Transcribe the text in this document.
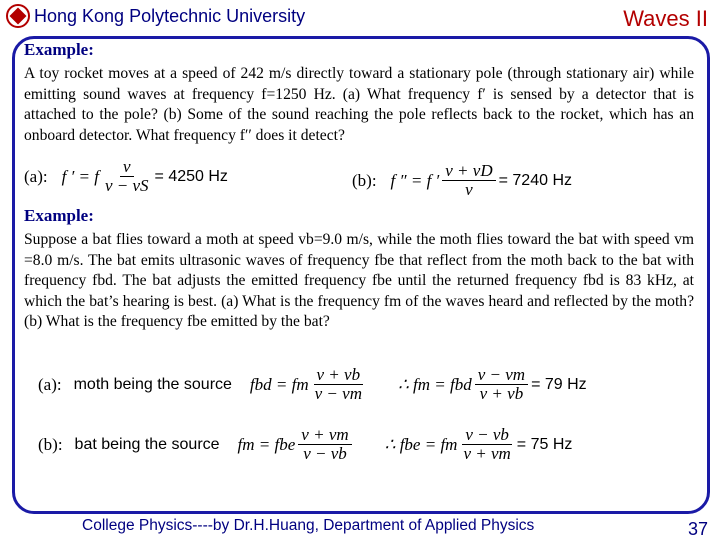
Hong Kong Polytechnic University	Waves II
Example:
A toy rocket moves at a speed of 242 m/s directly toward a stationary pole (through stationary air) while emitting sound waves at frequency f=1250 Hz. (a) What frequency f′ is sensed by a detector that is attached to the pole? (b) Some of the sound reaching the pole reflects back to the rocket, which has an onboard detector. What frequency f′′ does it detect?
(a): f ′ = f $\frac{v}{v - vS} = 4250$ Hz	(b): f ″ = f ′ $\frac{v + vD}{v} = 7240$ Hz
Example:
Suppose a bat flies toward a moth at speed vb=9.0 m/s, while the moth flies toward the bat with speed vm =8.0 m/s. The bat emits ultrasonic waves of frequency fbe that reflect from the moth back to the bat with frequency fbd. The bat adjusts the emitted frequency fbe until the returned frequency fbd is 83 kHz, at which the bat’s hearing is best. (a) What is the frequency fm of the waves heard and reflected by the moth? (b) What is the frequency fbe emitted by the bat?
(a): moth being the source fbd = fm $\frac{v + vb}{v - vm}$ ∴ fm = fbd $\frac{v - vm}{v + vb} = 79$ Hz
(b): bat being the source fm = fbe $\frac{v + vm}{v - vb}$ ∴ fbe = fm $\frac{v - vb}{v + vm} = 75$ Hz
College Physics----by Dr.H.Huang, Department of Applied Physics	37
